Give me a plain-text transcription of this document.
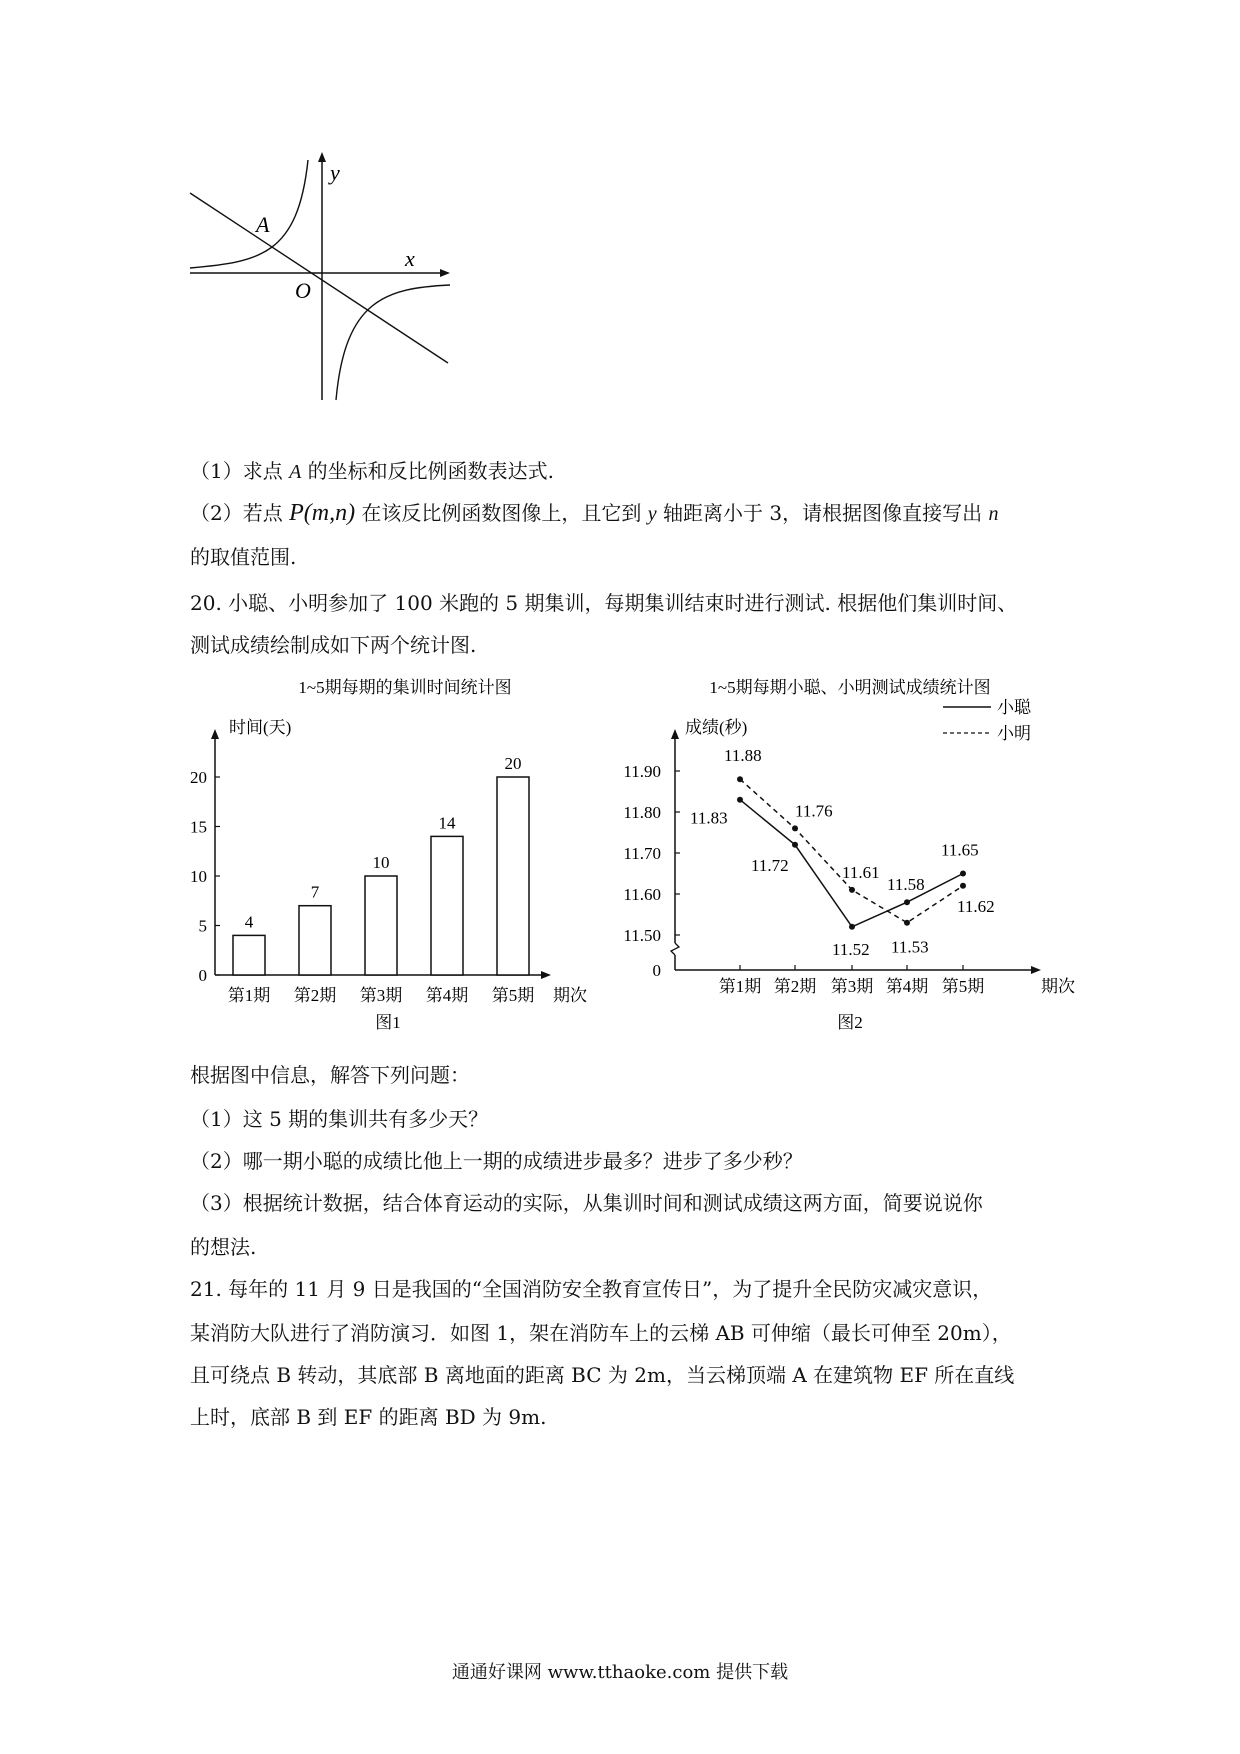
y
x
O
A
（1）求点 A 的坐标和反比例函数表达式.
（2）若点 P(m,n) 在该反比例函数图像上，且它到 y 轴距离小于 3，请根据图像直接写出 n
的取值范围.
20. 小聪、小明参加了 100 米跑的 5 期集训，每期集训结束时进行测试. 根据他们集训时间、
测试成绩绘制成如下两个统计图.
1~5期每期的集训时间统计图
时间(天)
期次
0
5
10
15
20
4
第1期
7
第2期
10
第3期
14
第4期
20
第5期
图1
1~5期每期小聪、小明测试成绩统计图
成绩(秒)
期次
0
11.50
11.60
11.70
11.80
11.90
第1期 第2期 第3期 第4期 第5期
小聪
小明
11.83
11.72
11.52
11.58
11.65
11.88
11.76
11.61
11.53
11.62
图2
根据图中信息，解答下列问题：
（1）这 5 期的集训共有多少天？
（2）哪一期小聪的成绩比他上一期的成绩进步最多？进步了多少秒？
（3）根据统计数据，结合体育运动的实际，从集训时间和测试成绩这两方面，简要说说你
的想法.
21. 每年的 11 月 9 日是我国的“全国消防安全教育宣传日”，为了提升全民防灾减灾意识，
某消防大队进行了消防演习．如图 1，架在消防车上的云梯 AB 可伸缩（最长可伸至 20m），
且可绕点 B 转动，其底部 B 离地面的距离 BC 为 2m，当云梯顶端 A 在建筑物 EF 所在直线
上时，底部 B 到 EF 的距离 BD 为 9m.
通通好课网 www.tthaoke.com 提供下载
